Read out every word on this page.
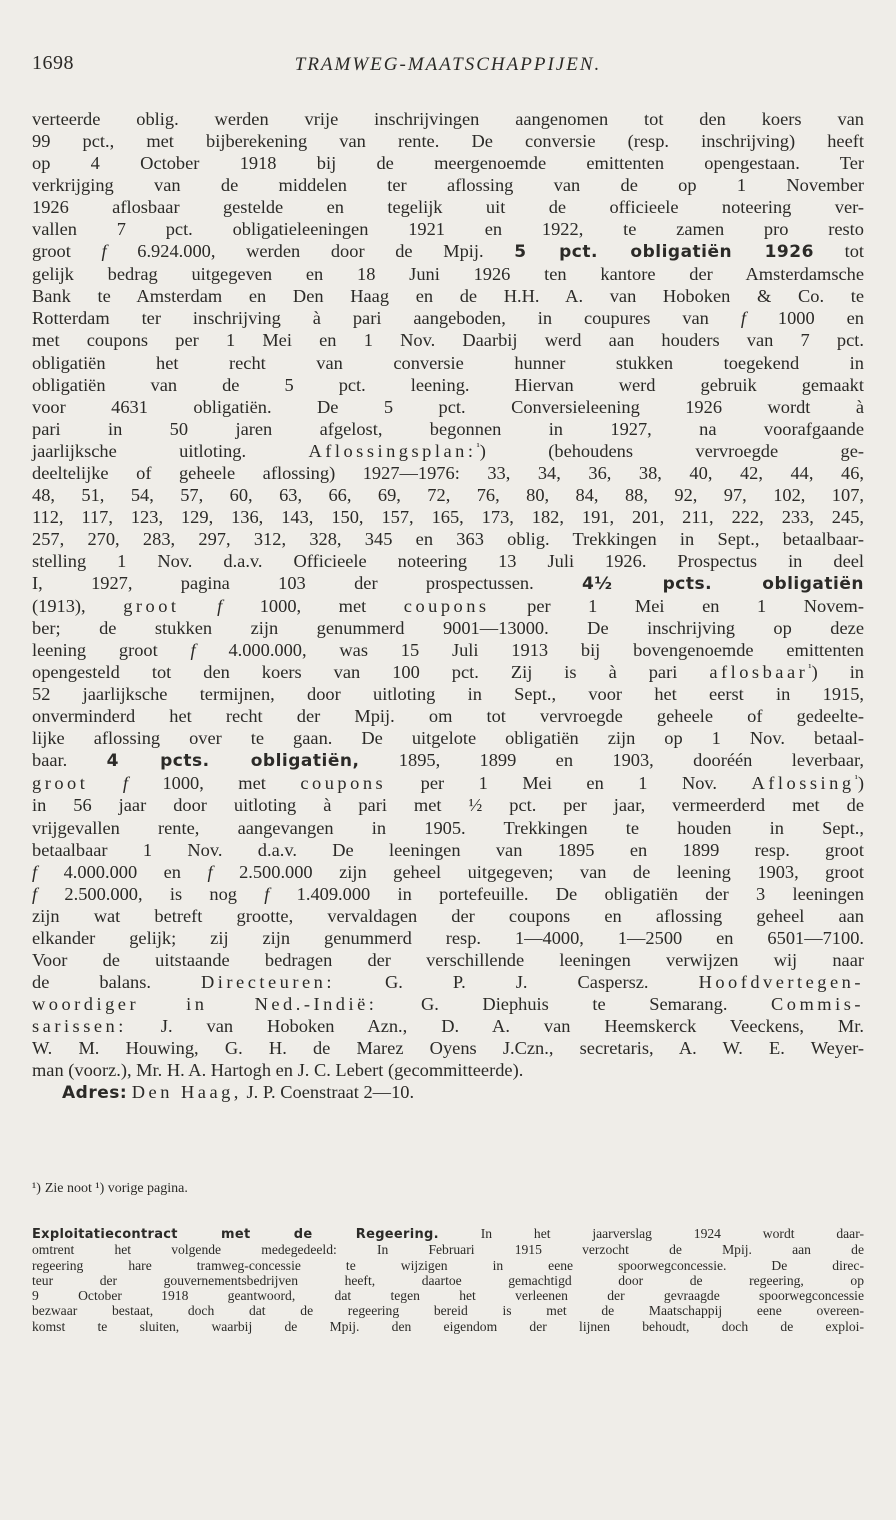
1698	TRAMWEG-MAATSCHAPPIJEN.
verteerde oblig. werden vrije inschrijvingen aangenomen tot den koers van
99 pct., met bijberekening van rente. De conversie (resp. inschrijving) heeft
op 4 October 1918 bij de meergenoemde emittenten opengestaan. Ter
verkrijging van de middelen ter aflossing van de op 1 November
1926 aflosbaar gestelde en tegelijk uit de officieele noteering ver-
vallen 7 pct. obligatieleeningen 1921 en 1922, te zamen pro resto
groot f 6.924.000, werden door de Mpij. 5 pct. obligatiën 1926 tot
gelijk bedrag uitgegeven en 18 Juni 1926 ten kantore der Amsterdamsche
Bank te Amsterdam en Den Haag en de H.H. A. van Hoboken & Co. te
Rotterdam ter inschrijving à pari aangeboden, in coupures van f 1000 en
met coupons per 1 Mei en 1 Nov. Daarbij werd aan houders van 7 pct.
obligatiën het recht van conversie hunner stukken toegekend in
obligatiën van de 5 pct. leening. Hiervan werd gebruik gemaakt
voor 4631 obligatiën. De 5 pct. Conversieleening 1926 wordt à
pari in 50 jaren afgelost, begonnen in 1927, na voorafgaande
jaarlijksche uitloting. Aflossingsplan:$^{^1}$) (behoudens vervroegde ge-
deeltelijke of geheele aflossing) 1927—1976: 33, 34, 36, 38, 40, 42, 44, 46,
48, 51, 54, 57, 60, 63, 66, 69, 72, 76, 80, 84, 88, 92, 97, 102, 107,
112, 117, 123, 129, 136, 143, 150, 157, 165, 173, 182, 191, 201, 211, 222, 233, 245,
257, 270, 283, 297, 312, 328, 345 en 363 oblig. Trekkingen in Sept., betaalbaar-
stelling 1 Nov. d.a.v. Officieele noteering 13 Juli 1926. Prospectus in deel
I, 1927, pagina 103 der prospectussen. 4½ pcts. obligatiën
(1913), groot f 1000, met coupons per 1 Mei en 1 Novem-
ber; de stukken zijn genummerd 9001—13000. De inschrijving op deze
leening groot f 4.000.000, was 15 Juli 1913 bij bovengenoemde emittenten
opengesteld tot den koers van 100 pct. Zij is à pari aflosbaar$^{^1}$) in
52 jaarlijksche termijnen, door uitloting in Sept., voor het eerst in 1915,
onverminderd het recht der Mpij. om tot vervroegde geheele of gedeelte-
lijke aflossing over te gaan. De uitgelote obligatiën zijn op 1 Nov. betaal-
baar. 4 pcts. obligatiën, 1895, 1899 en 1903, dooréén leverbaar,
groot f 1000, met coupons per 1 Mei en 1 Nov. Aflossing$^{^1}$)
in 56 jaar door uitloting à pari met ½ pct. per jaar, vermeerderd met de
vrijgevallen rente, aangevangen in 1905. Trekkingen te houden in Sept.,
betaalbaar 1 Nov. d.a.v. De leeningen van 1895 en 1899 resp. groot
f 4.000.000 en f 2.500.000 zijn geheel uitgegeven; van de leening 1903, groot
f 2.500.000, is nog f 1.409.000 in portefeuille. De obligatiën der 3 leeningen
zijn wat betreft grootte, vervaldagen der coupons en aflossing geheel aan
elkander gelijk; zij zijn genummerd resp. 1—4000, 1—2500 en 6501—7100.
Voor de uitstaande bedragen der verschillende leeningen verwijzen wij naar
de balans. Directeuren: G. P. J. Caspersz. Hoofdvertegen-
woordiger in Ned.-Indië: G. Diephuis te Semarang. Commis-
sarissen: J. van Hoboken Azn., D. A. van Heemskerck Veeckens, Mr.
W. M. Houwing, G. H. de Marez Oyens J.Czn., secretaris, A. W. E. Weyer-
man (voorz.), Mr. H. A. Hartogh en J. C. Lebert (gecommitteerde).
Adres: Den Haag, J. P. Coenstraat 2—10.
¹) Zie noot ¹) vorige pagina.
Exploitatiecontract met de Regeering. In het jaarverslag 1924 wordt daar-
omtrent het volgende medegedeeld: In Februari 1915 verzocht de Mpij. aan de
regeering hare tramweg-concessie te wijzigen in eene spoorwegconcessie. De direc-
teur der gouvernementsbedrijven heeft, daartoe gemachtigd door de regeering, op
9 October 1918 geantwoord, dat tegen het verleenen der gevraagde spoorwegconcessie
bezwaar bestaat, doch dat de regeering bereid is met de Maatschappij eene overeen-
komst te sluiten, waarbij de Mpij. den eigendom der lijnen behoudt, doch de exploi-
